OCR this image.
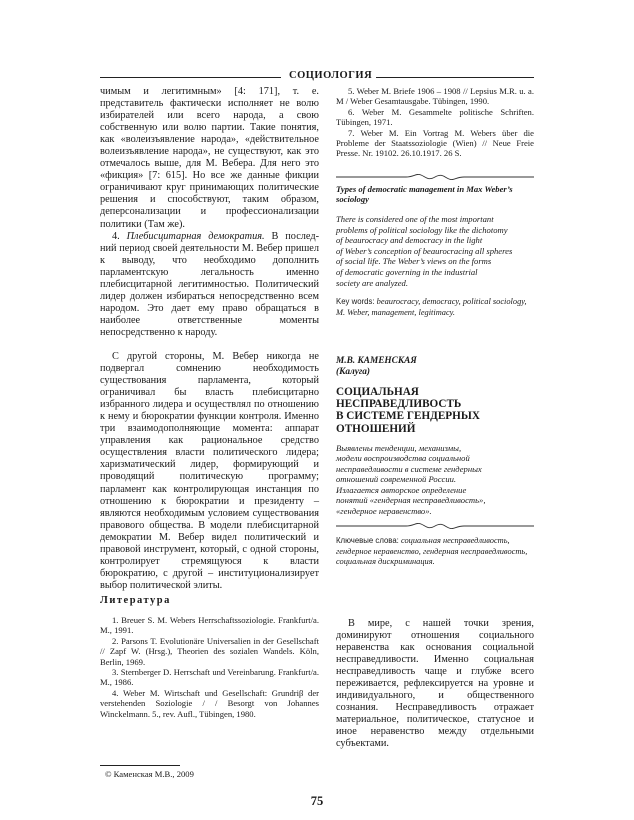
СОЦИОЛОГИЯ

чимым и легитимным» [4: 171], т. е. представитель фактически исполняет не волю избирателей или всего народа, а свою собственную или волю партии. Такие понятия, как «волеизъявление народа», «действительное волеизъявление народа», не существуют, как это отмечалось выше, для М. Вебера. Для него это «фикция» [7: 615]. Но все же данные фикции ограничивают круг принимающих политические решения и способствуют, таким образом, деперсонализации и профессионализации политики (Там же).

4. Плебисцитарная демократия. В послед- ний период своей деятельности М. Вебер пришел к выводу, что необходимо дополнить парламентскую легальность именно плебисцитарной легитимностью. Политический лидер должен избираться непосредственно всем народом. Это дает ему право обращаться в наиболее ответственные моменты непосредственно к народу.

С другой стороны, М. Вебер никогда не подвергал сомнению необходимость существования парламента, который ограничивал бы власть плебисцитарно избранного лидера и осуществлял по отношению к нему и бюрократии функции контроля. Именно три взаимодополняющие момента: аппарат управления как рациональное средство осуществления власти политического лидера; харизматический лидер, формирующий и проводящий политическую программу; парламент как контролирующая инстанция по отношению к бюрократии и президенту – являются необходимым условием существования правового общества. В модели плебисцитарной демократии М. Вебер видел политический и правовой инструмент, который, с одной стороны, контролирует стремящуюся к власти бюрократию, с другой – институционализирует выбор политической элиты.

Литература

1. Breuer S. M. Webers Herrschaftssoziologie. Frankfurt/a. M., 1991.

2. Parsons T. Evolutionäre Universalien in der Gesellschaft // Zapf W. (Hrsg.), Theorien des sozialen Wandels. Köln, Berlin, 1969.

3. Sternberger D. Herrschaft und Vereinbarung. Frankfurt/a. M., 1986.

4. Weber M. Wirtschaft und Gesellschaft: Grundriβ der verstehenden Soziologie / / Besorgt von Johannes Winckelmann. 5., rev. Aufl., Tübingen, 1980.

5. Weber M. Briefe 1906 – 1908 // Lepsius M.R. u. a. M / Weber Gesamtausgabe. Tübingen, 1990.

6. Weber M. Gesammelte politische Schriften. Tübingen, 1971.

7. Weber M. Ein Vortrag M. Webers über die Probleme der Staatssoziologie (Wien) // Neue Freie Presse. Nr. 19102. 26.10.1917. 26 S.

Types of democratic management in Max Weber’s sociology
There is considered one of the most important
problems of political sociology like the dichotomy
of beaurocracy and democracy in the light
of Weber’s conception of beaurocracing all spheres
of social life. The Weber’s views on the forms
of democratic governing in the industrial
society are analyzed.
Key words: beaurocracy, democracy, political sociology, M. Weber, management, legitimacy.
М.В. КАМЕНСКАЯ
(Калуга)
СОЦИАЛЬНАЯ
НЕСПРАВЕДЛИВОСТЬ
В СИСТЕМЕ ГЕНДЕРНЫХ
ОТНОШЕНИЙ
Выявлены тенденции, механизмы,
модели воспроизводства социальной
несправедливости в системе гендерных
отношений современной России.
Излагается авторское определение
понятий «гендерная несправедливость»,
«гендерное неравенство».
Ключевые слова: социальная несправедливость, гендерное неравенство, гендерная несправедливость, социальная дискриминация.

В мире, с нашей точки зрения, доминируют отношения социального неравенства как основания социальной несправедливости. Именно социальная несправедливость чаще и глубже всего переживается, рефлексируется на уровне и индивидуального, и общественного сознания. Несправедливость отражает материальное, политическое, статусное и иное неравенство между отдельными субъектами.

© Каменская М.В., 2009
75
